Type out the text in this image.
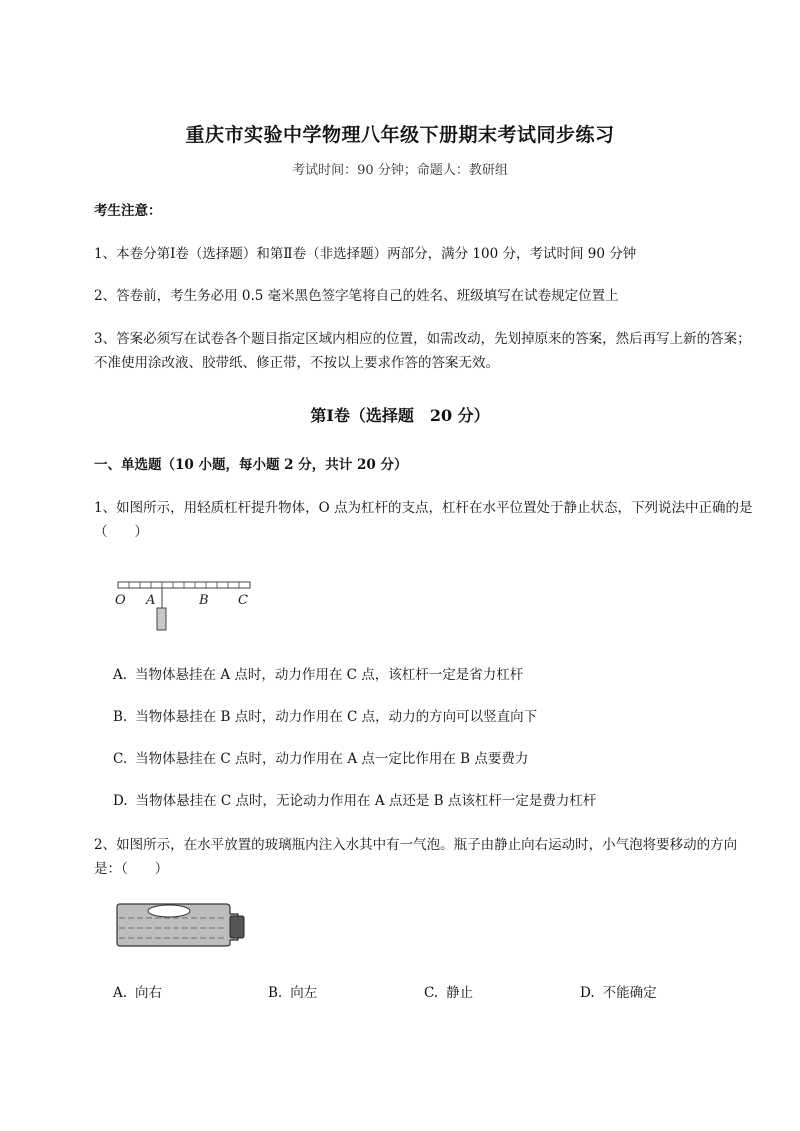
重庆市实验中学物理八年级下册期末考试同步练习
考试时间：90 分钟；命题人：教研组
考生注意：
1、本卷分第Ⅰ卷（选择题）和第Ⅱ卷（非选择题）两部分，满分 100 分，考试时间 90 分钟
2、答卷前，考生务必用 0.5 毫米黑色签字笔将自己的姓名、班级填写在试卷规定位置上
3、答案必须写在试卷各个题目指定区域内相应的位置，如需改动，先划掉原来的答案，然后再写上新的答案；不准使用涂改液、胶带纸、修正带，不按以上要求作答的答案无效。
第Ⅰ卷（选择题　20 分）
一、单选题（10 小题，每小题 2 分，共计 20 分）
1、如图所示，用轻质杠杆提升物体，O 点为杠杆的支点，杠杆在水平位置处于静止状态，下列说法中正确的是（　　）
O A	B C
A. 当物体悬挂在 A 点时，动力作用在 C 点，该杠杆一定是省力杠杆
B. 当物体悬挂在 B 点时，动力作用在 C 点，动力的方向可以竖直向下
C. 当物体悬挂在 C 点时，动力作用在 A 点一定比作用在 B 点要费力
D. 当物体悬挂在 C 点时，无论动力作用在 A 点还是 B 点该杠杆一定是费力杠杆
2、如图所示，在水平放置的玻璃瓶内注入水其中有一气泡。瓶子由静止向右运动时，小气泡将要移动的方向是：（　　）
A. 向右	B. 向左	C. 静止	D. 不能确定
